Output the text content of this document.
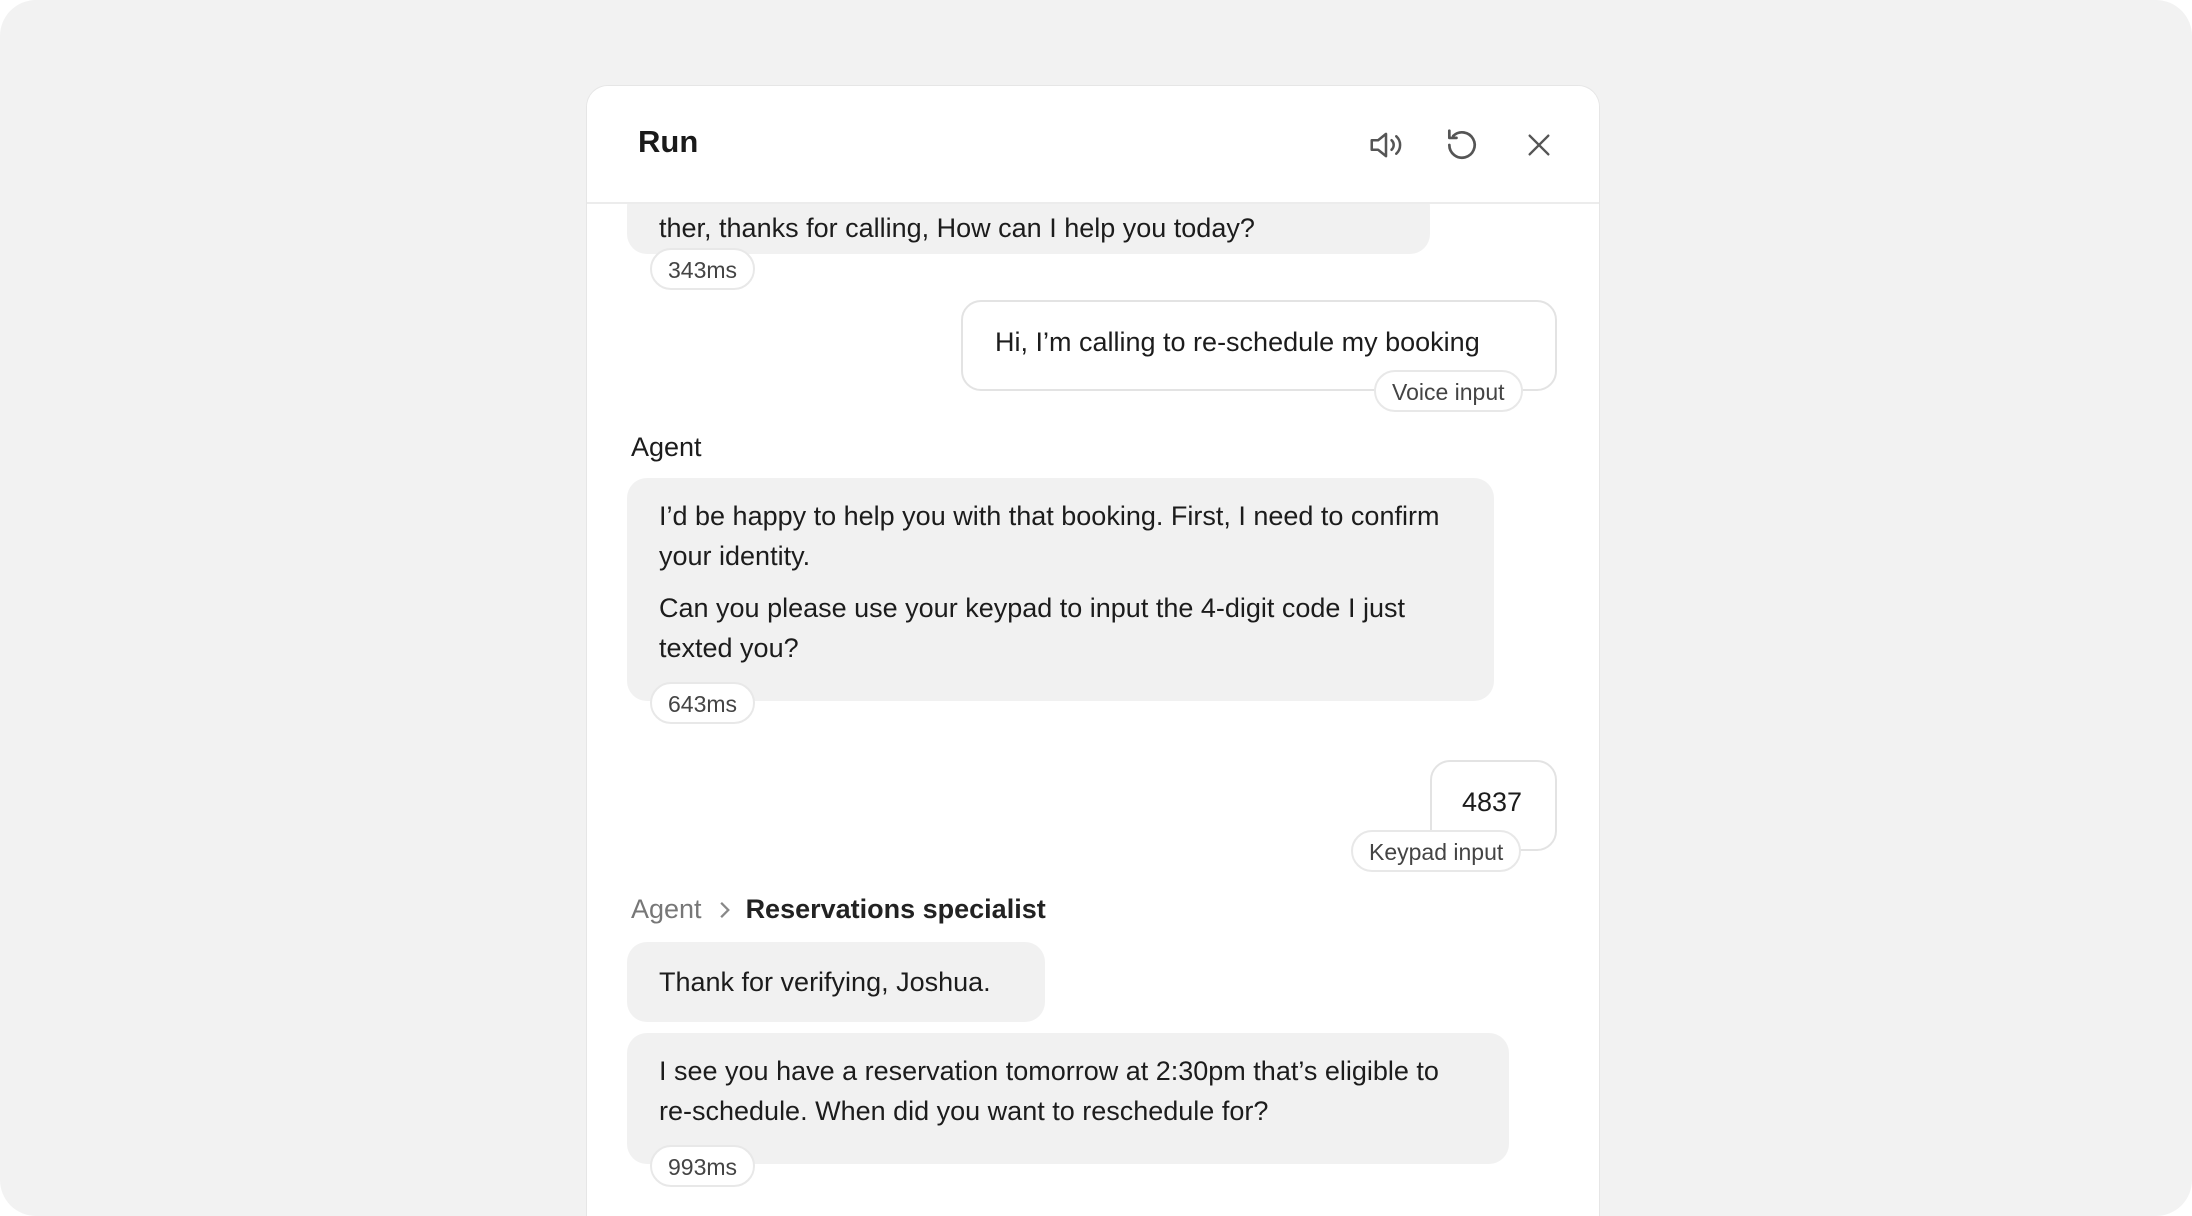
Run

ther, thanks for calling, How can I help you today?

343ms
Hi, I’m calling to re-schedule my booking
Voice input
Agent

I’d be happy to help you with that booking. First, I need to confirm your identity.

Can you please use your keypad to input the 4-digit code I just texted you?

643ms
4837
Keypad input
Agent Reservations specialist
Thank for verifying, Joshua.

I see you have a reservation tomorrow at 2:30pm that’s eligible to re-schedule. When did you want to reschedule for?

993ms
